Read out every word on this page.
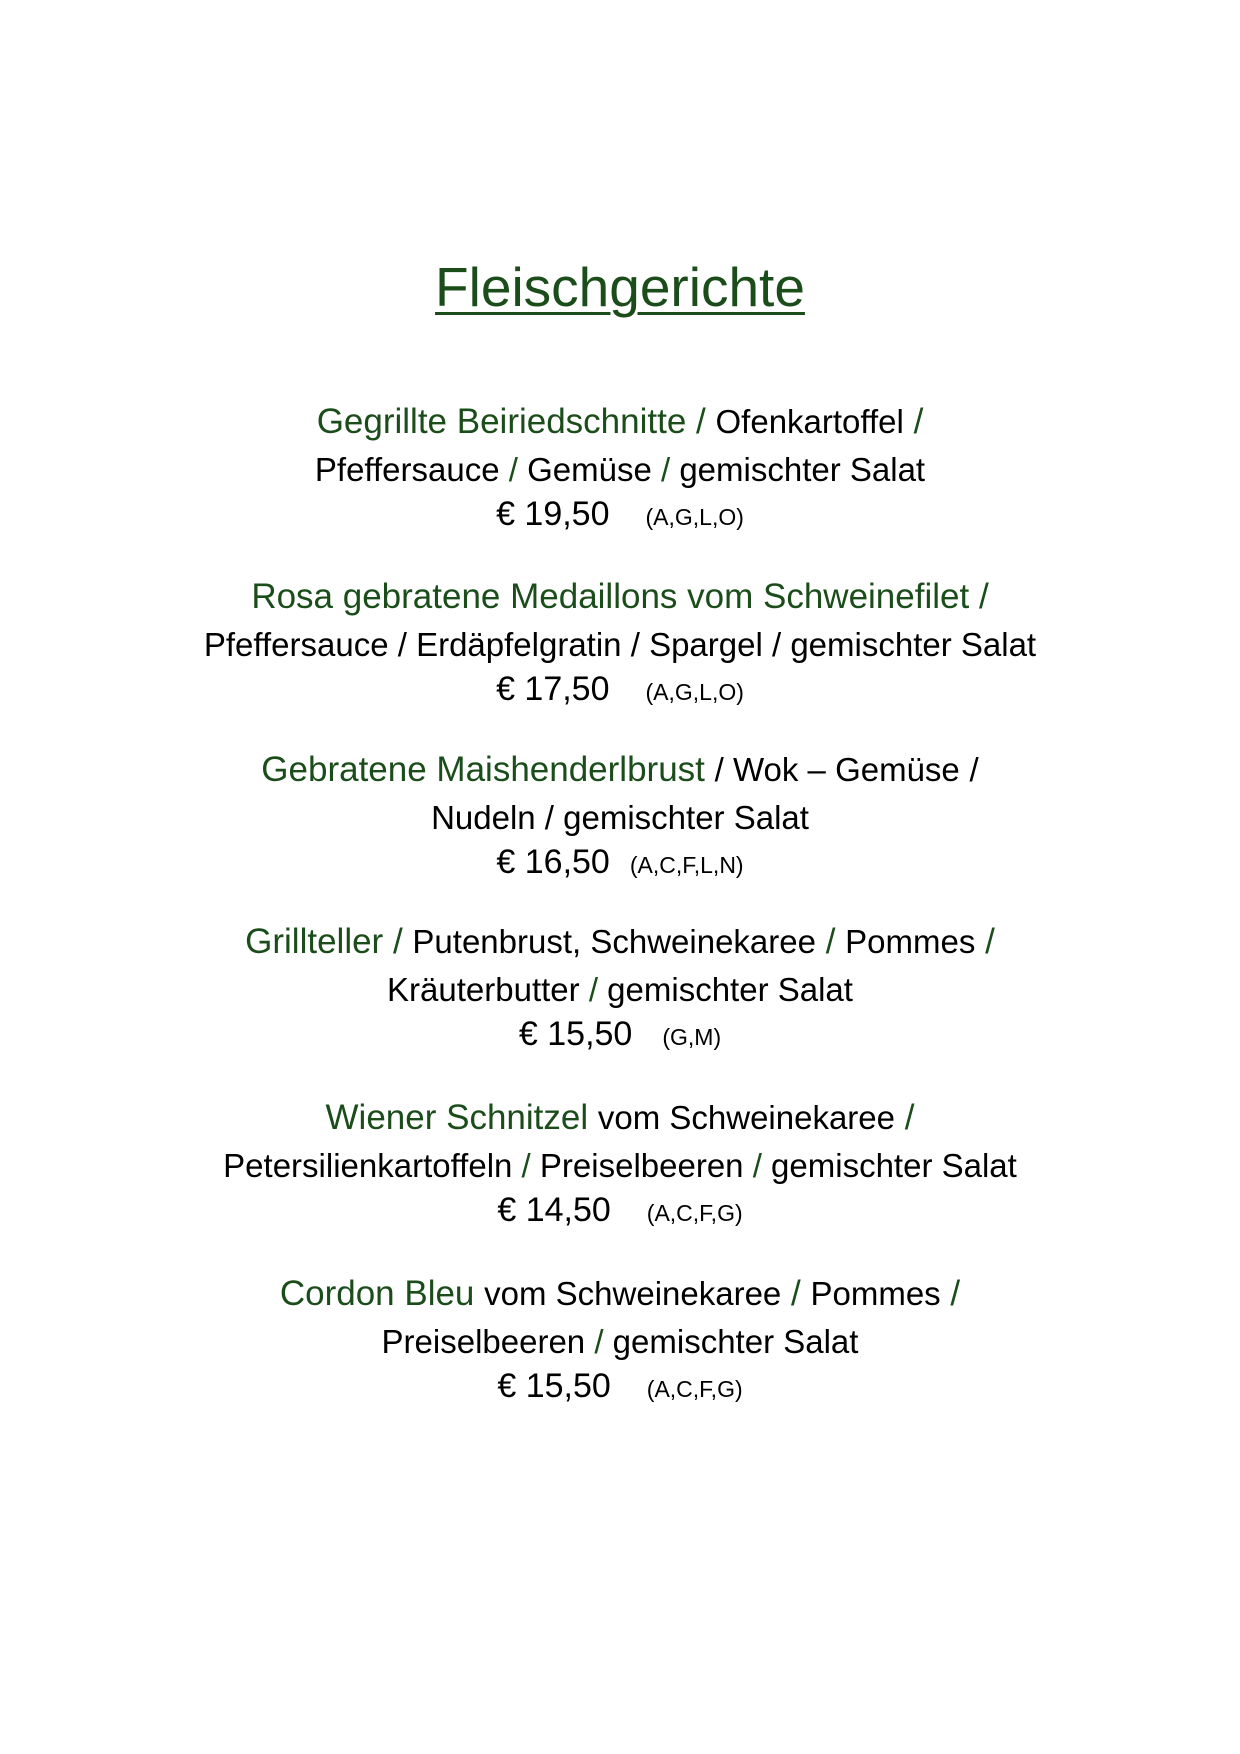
Fleischgerichte
Gegrillte Beiriedschnitte / Ofenkartoffel /
Pfeffersauce / Gemüse / gemischter Salat
€ 19,50 (A,G,L,O)
Rosa gebratene Medaillons vom Schweinefilet /
Pfeffersauce / Erdäpfelgratin / Spargel / gemischter Salat
€ 17,50 (A,G,L,O)
Gebratene Maishenderlbrust / Wok – Gemüse /
Nudeln / gemischter Salat
€ 16,50 (A,C,F,L,N)
Grillteller / Putenbrust, Schweinekaree / Pommes /
Kräuterbutter / gemischter Salat
€ 15,50 (G,M)
Wiener Schnitzel vom Schweinekaree /
Petersilienkartoffeln / Preiselbeeren / gemischter Salat
€ 14,50 (A,C,F,G)
Cordon Bleu vom Schweinekaree / Pommes /
Preiselbeeren / gemischter Salat
€ 15,50 (A,C,F,G)
